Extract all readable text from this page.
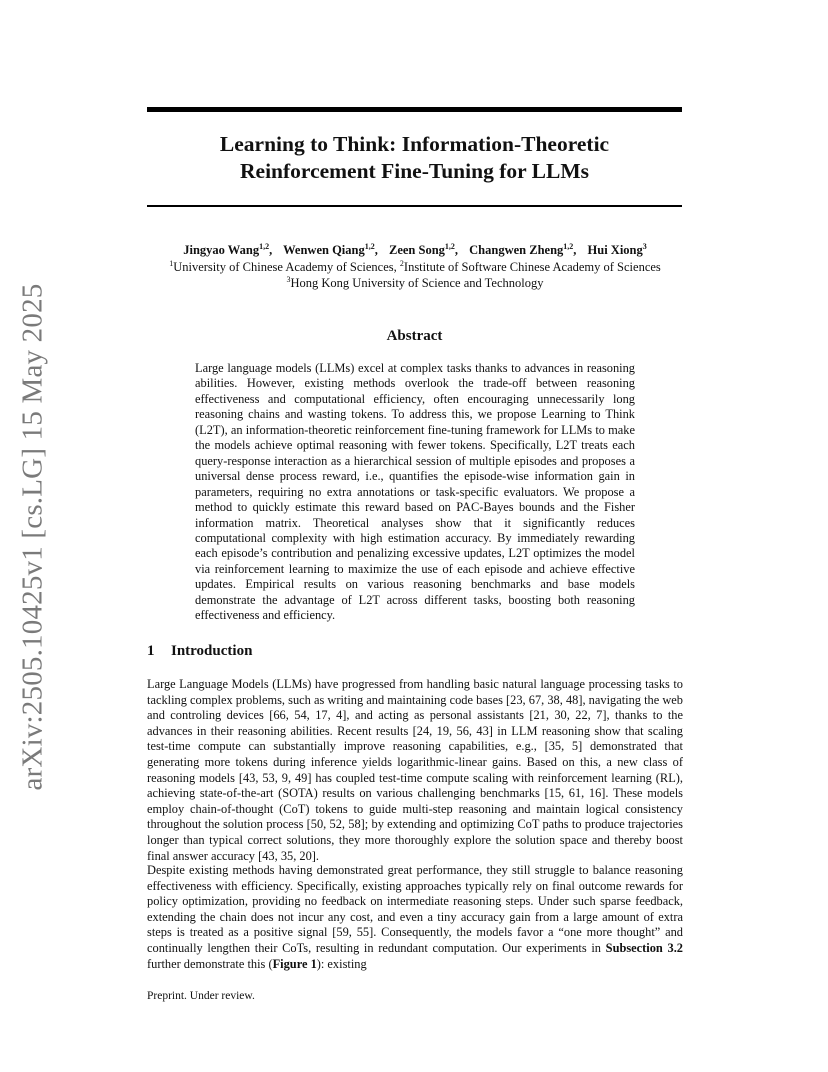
arXiv:2505.10425v1 [cs.LG] 15 May 2025
Learning to Think: Information-Theoretic
Reinforcement Fine-Tuning for LLMs
Jingyao Wang$^{1,2}$, Wenwen Qiang$^{1,2}$, Zeen Song$^{1,2}$, Changwen Zheng$^{1,2}$, Hui Xiong$^3$
$^1$University of Chinese Academy of Sciences, $^2$Institute of Software Chinese Academy of Sciences
$^3$Hong Kong University of Science and Technology
Abstract

Large language models (LLMs) excel at complex tasks thanks to advances in reasoning abilities. However, existing methods overlook the trade-off between reasoning effectiveness and computational efficiency, often encouraging unnecessarily long reasoning chains and wasting tokens. To address this, we propose Learning to Think (L2T), an information-theoretic reinforcement fine-tuning framework for LLMs to make the models achieve optimal reasoning with fewer tokens. Specifically, L2T treats each query-response interaction as a hierarchical session of multiple episodes and proposes a universal dense process reward, i.e., quantifies the episode-wise information gain in parameters, requiring no extra annotations or task-specific evaluators. We propose a method to quickly estimate this reward based on PAC-Bayes bounds and the Fisher information matrix. Theoretical analyses show that it significantly reduces computational complexity with high estimation accuracy. By immediately rewarding each episode’s contribution and penalizing excessive updates, L2T optimizes the model via reinforcement learning to maximize the use of each episode and achieve effective updates. Empirical results on various reasoning benchmarks and base models demonstrate the advantage of L2T across different tasks, boosting both reasoning effectiveness and efficiency.

1 Introduction

Large Language Models (LLMs) have progressed from handling basic natural language processing tasks to tackling complex problems, such as writing and maintaining code bases [23, 67, 38, 48], navigating the web and controling devices [66, 54, 17, 4], and acting as personal assistants [21, 30, 22, 7], thanks to the advances in their reasoning abilities. Recent results [24, 19, 56, 43] in LLM reasoning show that scaling test-time compute can substantially improve reasoning capabilities, e.g., [35, 5] demonstrated that generating more tokens during inference yields logarithmic-linear gains. Based on this, a new class of reasoning models [43, 53, 9, 49] has coupled test-time compute scaling with reinforcement learning (RL), achieving state-of-the-art (SOTA) results on various challenging benchmarks [15, 61, 16]. These models employ chain-of-thought (CoT) tokens to guide multi-step reasoning and maintain logical consistency throughout the solution process [50, 52, 58]; by extending and optimizing CoT paths to produce trajectories longer than typical correct solutions, they more thoroughly explore the solution space and thereby boost final answer accuracy [43, 35, 20].

Despite existing methods having demonstrated great performance, they still struggle to balance reasoning effectiveness with efficiency. Specifically, existing approaches typically rely on final outcome rewards for policy optimization, providing no feedback on intermediate reasoning steps. Under such sparse feedback, extending the chain does not incur any cost, and even a tiny accuracy gain from a large amount of extra steps is treated as a positive signal [59, 55]. Consequently, the models favor a “one more thought” and continually lengthen their CoTs, resulting in redundant computation. Our experiments in Subsection 3.2 further demonstrate this (Figure 1): existing

Preprint. Under review.
